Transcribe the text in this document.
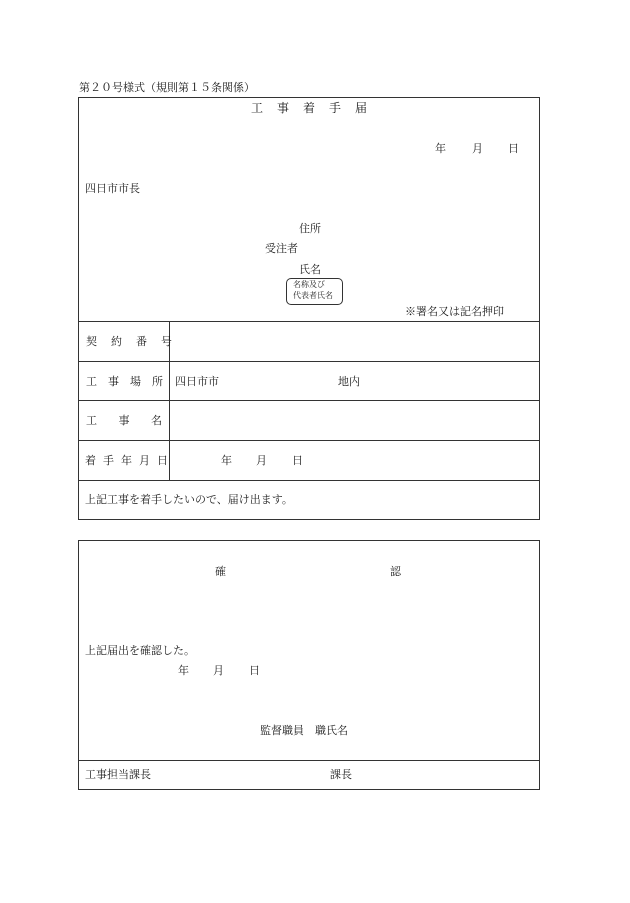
第２０号様式（規則第１５条関係）
工事着手届
年 月 日
四日市市長
住所
受注者
氏名
名称及び
代表者氏名
※署名又は記名押印
契約番号
工事場所 四日市市	地内
工 事 名
着手年月日	年 月 日
上記工事を着手したいので、届け出ます。
確	認
上記届出を確認した。
年 月 日
監督職員　職氏名
工事担当課長	課長
